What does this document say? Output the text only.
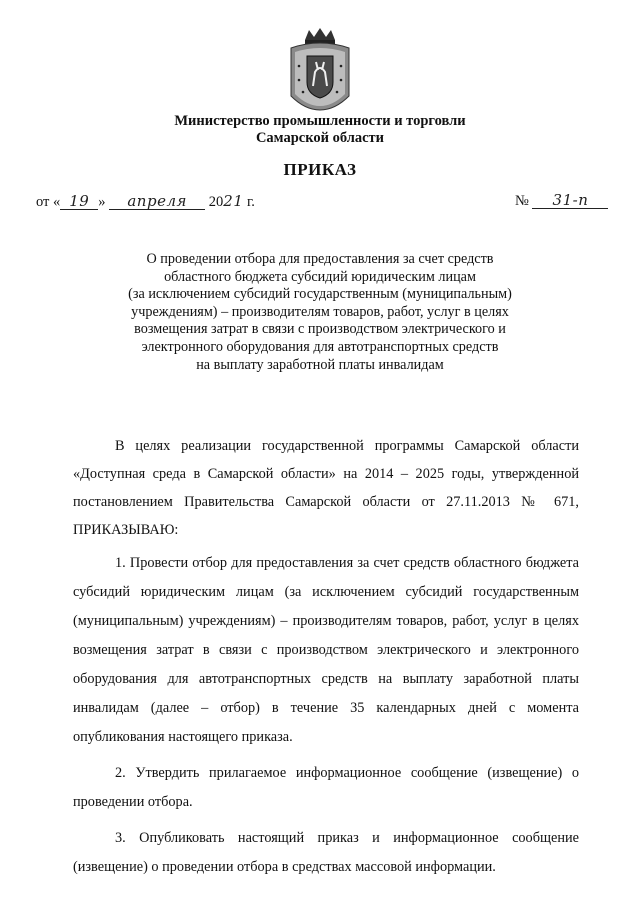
Министерство промышленности и торговли
Самарской области
ПРИКАЗ
от « 19 » апреля 2021 г.	№ 31-п
О проведении отбора для предоставления за счет средств
областного бюджета субсидий юридическим лицам
(за исключением субсидий государственным (муниципальным)
учреждениям) – производителям товаров, работ, услуг в целях
возмещения затрат в связи с производством электрического и
электронного оборудования для автотранспортных средств
на выплату заработной платы инвалидам

В целях реализации государственной программы Самарской области «Доступная среда в Самарской области» на 2014 – 2025 годы, утвержденной постановлением Правительства Самарской области от 27.11.2013 № 671, ПРИКАЗЫВАЮ:

1. Провести отбор для предоставления за счет средств областного бюджета субсидий юридическим лицам (за исключением субсидий государственным (муниципальным) учреждениям) – производителям товаров, работ, услуг в целях возмещения затрат в связи с производством электрического и электронного оборудования для автотранспортных средств на выплату заработной платы инвалидам (далее – отбор) в течение 35 календарных дней с момента опубликования настоящего приказа.

2. Утвердить прилагаемое информационное сообщение (извещение) о проведении отбора.

3. Опубликовать настоящий приказ и информационное сообщение (извещение) о проведении отбора в средствах массовой информации.
